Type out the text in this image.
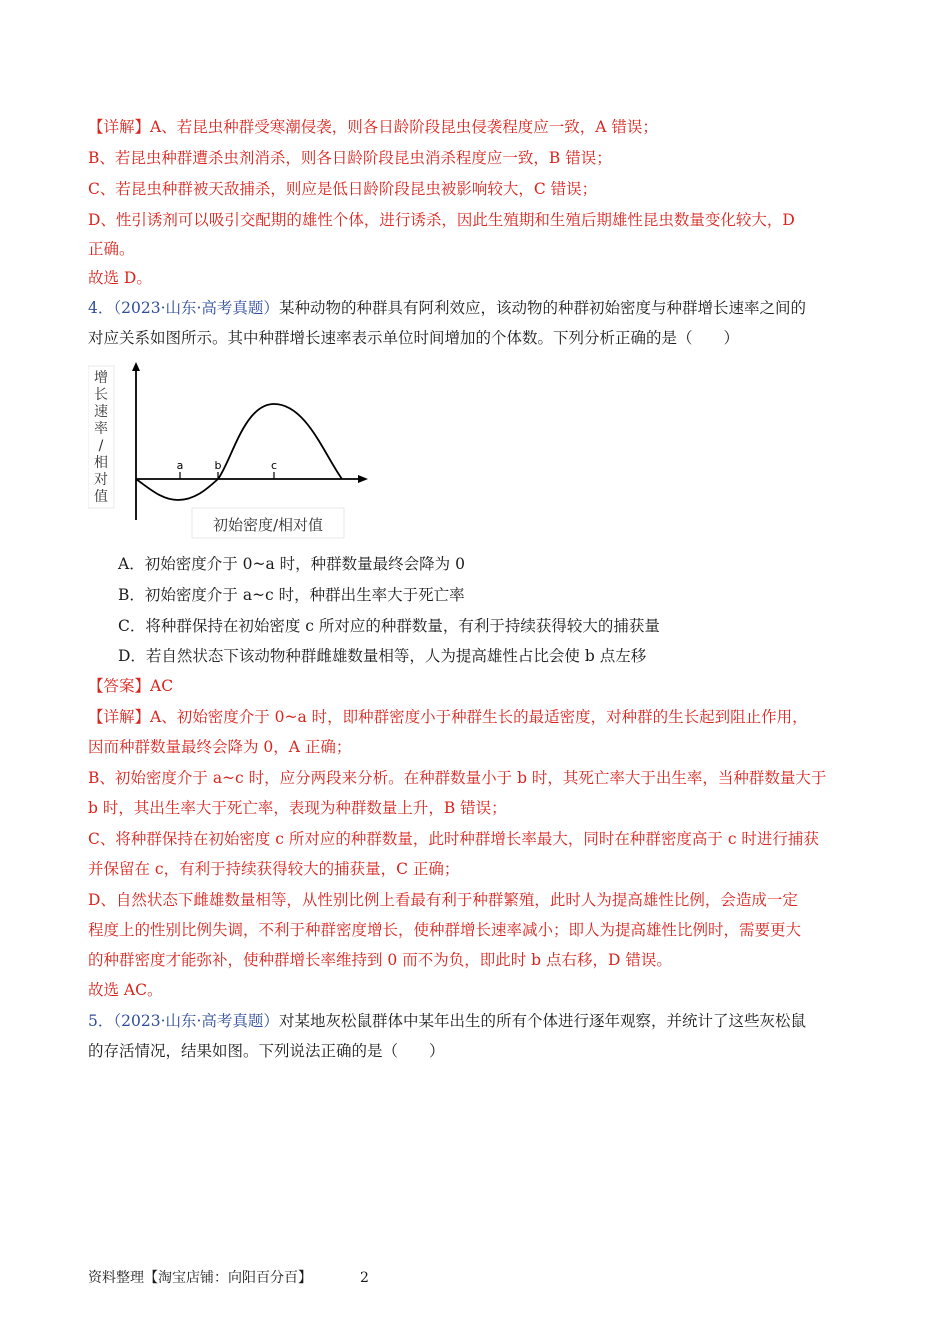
【详解】A、若昆虫种群受寒潮侵袭，则各日龄阶段昆虫侵袭程度应一致，A 错误；
B、若昆虫种群遭杀虫剂消杀，则各日龄阶段昆虫消杀程度应一致，B 错误；
C、若昆虫种群被天敌捕杀，则应是低日龄阶段昆虫被影响较大，C 错误；
D、性引诱剂可以吸引交配期的雄性个体，进行诱杀，因此生殖期和生殖后期雄性昆虫数量变化较大，D
正确。
故选 D。
4．（2023·山东·高考真题）某种动物的种群具有阿利效应，该动物的种群初始密度与种群增长速率之间的
对应关系如图所示。其中种群增长速率表示单位时间增加的个体数。下列分析正确的是（　　）
增
长
速
率
/
相
对
值
a	b	c
初始密度/相对值
A．初始密度介于 0~a 时，种群数量最终会降为 0
B．初始密度介于 a~c 时，种群出生率大于死亡率
C．将种群保持在初始密度 c 所对应的种群数量，有利于持续获得较大的捕获量
D．若自然状态下该动物种群雌雄数量相等，人为提高雄性占比会使 b 点左移
【答案】AC
【详解】A、初始密度介于 0~a 时，即种群密度小于种群生长的最适密度，对种群的生长起到阻止作用，
因而种群数量最终会降为 0，A 正确；
B、初始密度介于 a~c 时，应分两段来分析。在种群数量小于 b 时，其死亡率大于出生率，当种群数量大于
b 时，其出生率大于死亡率，表现为种群数量上升，B 错误；
C、将种群保持在初始密度 c 所对应的种群数量，此时种群增长率最大，同时在种群密度高于 c 时进行捕获
并保留在 c，有利于持续获得较大的捕获量，C 正确；
D、自然状态下雌雄数量相等，从性别比例上看最有利于种群繁殖，此时人为提高雄性比例，会造成一定
程度上的性别比例失调，不利于种群密度增长，使种群增长速率减小；即人为提高雄性比例时，需要更大
的种群密度才能弥补，使种群增长率维持到 0 而不为负，即此时 b 点右移，D 错误。
故选 AC。
5．（2023·山东·高考真题）对某地灰松鼠群体中某年出生的所有个体进行逐年观察，并统计了这些灰松鼠
的存活情况，结果如图。下列说法正确的是（　　）
资料整理【淘宝店铺：向阳百分百】	2
